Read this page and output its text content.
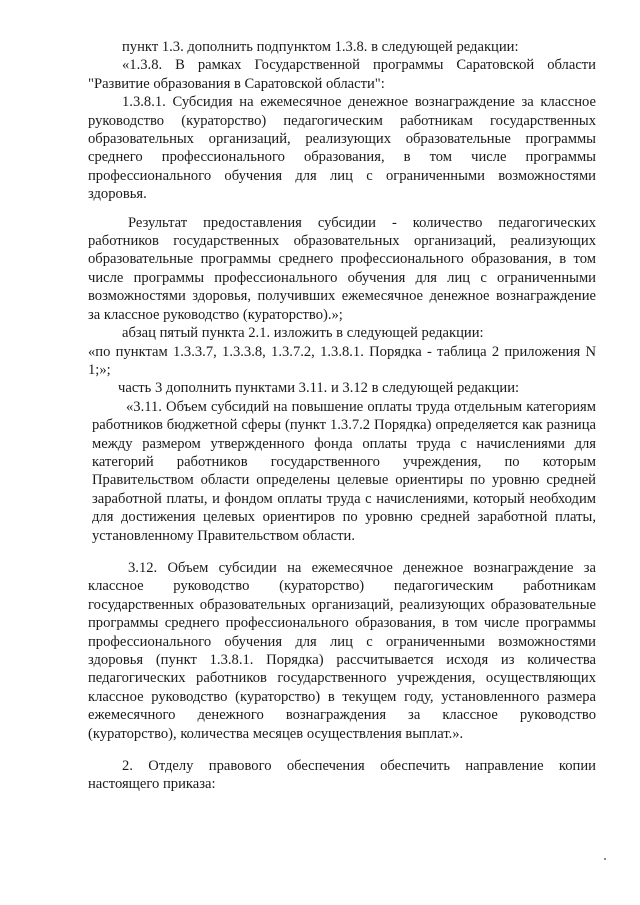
пункт 1.3. дополнить подпунктом 1.3.8. в следующей редакции:

«1.3.8. В рамках Государственной программы Саратовской области "Развитие образования в Саратовской области":

1.3.8.1. Субсидия на ежемесячное денежное вознаграждение за классное руководство (кураторство) педагогическим работникам государственных образовательных организаций, реализующих образовательные программы среднего профессионального образования, в том числе программы профессионального обучения для лиц с ограниченными возможностями здоровья.

Результат предоставления субсидии - количество педагогических работников государственных образовательных организаций, реализующих образовательные программы среднего профессионального образования, в том числе программы профессионального обучения для лиц с ограниченными возможностями здоровья, получивших ежемесячное денежное вознаграждение за классное руководство (кураторство).»;

абзац пятый пункта 2.1. изложить в следующей редакции:

«по пунктам 1.3.3.7, 1.3.3.8, 1.3.7.2, 1.3.8.1. Порядка - таблица 2 приложения N 1;»;

часть 3 дополнить пунктами 3.11. и 3.12 в следующей редакции:

«3.11. Объем субсидий на повышение оплаты труда отдельным категориям работников бюджетной сферы (пункт 1.3.7.2 Порядка) определяется как разница между размером утвержденного фонда оплаты труда с начислениями для категорий работников государственного учреждения, по которым Правительством области определены целевые ориентиры по уровню средней заработной платы, и фондом оплаты труда с начислениями, который необходим для достижения целевых ориентиров по уровню средней заработной платы, установленному Правительством области.

3.12. Объем субсидии на ежемесячное денежное вознаграждение за классное руководство (кураторство) педагогическим работникам государственных образовательных организаций, реализующих образовательные программы среднего профессионального образования, в том числе программы профессионального обучения для лиц с ограниченными возможностями здоровья (пункт 1.3.8.1. Порядка) рассчитывается исходя из количества педагогических работников государственного учреждения, осуществляющих классное руководство (кураторство) в текущем году, установленного размера ежемесячного денежного вознаграждения за классное руководство (кураторство), количества месяцев осуществления выплат.».

2. Отделу правового обеспечения обеспечить направление копии настоящего приказа:
